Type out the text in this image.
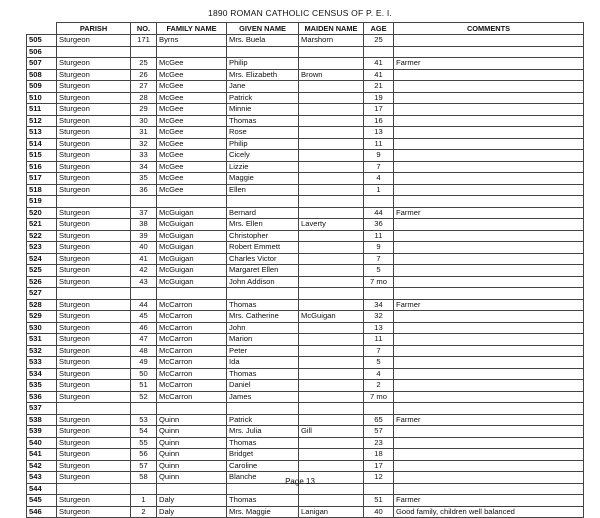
1890 ROMAN CATHOLIC CENSUS OF P. E. I.
	PARISH	NO.	FAMILY NAME	GIVEN NAME	MAIDEN NAME	AGE	COMMENTS
505	Sturgeon	171	Byrns	Mrs. Buela	Marshorn	25	
506							
507	Sturgeon	25	McGee	Philip		41	Farmer
508	Sturgeon	26	McGee	Mrs. Elizabeth	Brown	41	
509	Sturgeon	27	McGee	Jane		21	
510	Sturgeon	28	McGee	Patrick		19	
511	Sturgeon	29	McGee	Minnie		17	
512	Sturgeon	30	McGee	Thomas		16	
513	Sturgeon	31	McGee	Rose		13	
514	Sturgeon	32	McGee	Philip		11	
515	Sturgeon	33	McGee	Cicely		9	
516	Sturgeon	34	McGee	Lizzie		7	
517	Sturgeon	35	McGee	Maggie		4	
518	Sturgeon	36	McGee	Ellen		1	
519							
520	Sturgeon	37	McGuigan	Bernard		44	Farmer
521	Sturgeon	38	McGuigan	Mrs. Ellen	Laverty	36	
522	Sturgeon	39	McGuigan	Christopher		11	
523	Sturgeon	40	McGuigan	Robert Emmett		9	
524	Sturgeon	41	McGuigan	Charles Victor		7	
525	Sturgeon	42	McGuigan	Margaret Ellen		5	
526	Sturgeon	43	McGuigan	John Addison		7 mo	
527							
528	Sturgeon	44	McCarron	Thomas		34	Farmer
529	Sturgeon	45	McCarron	Mrs. Catherine	McGuigan	32	
530	Sturgeon	46	McCarron	John		13	
531	Sturgeon	47	McCarron	Marion		11	
532	Sturgeon	48	McCarron	Peter		7	
533	Sturgeon	49	McCarron	Ida		5	
534	Sturgeon	50	McCarron	Thomas		4	
535	Sturgeon	51	McCarron	Daniel		2	
536	Sturgeon	52	McCarron	James		7 mo	
537							
538	Sturgeon	53	Quinn	Patrick		65	Farmer
539	Sturgeon	54	Quinn	Mrs. Julia	Gill	57	
540	Sturgeon	55	Quinn	Thomas		23	
541	Sturgeon	56	Quinn	Bridget		18	
542	Sturgeon	57	Quinn	Caroline		17	
543	Sturgeon	58	Quinn	Blanche		12	
544							
545	Sturgeon	1	Daly	Thomas		51	Farmer
546	Sturgeon	2	Daly	Mrs. Maggie	Lanigan	40	Good family, children well balanced
Page 13
